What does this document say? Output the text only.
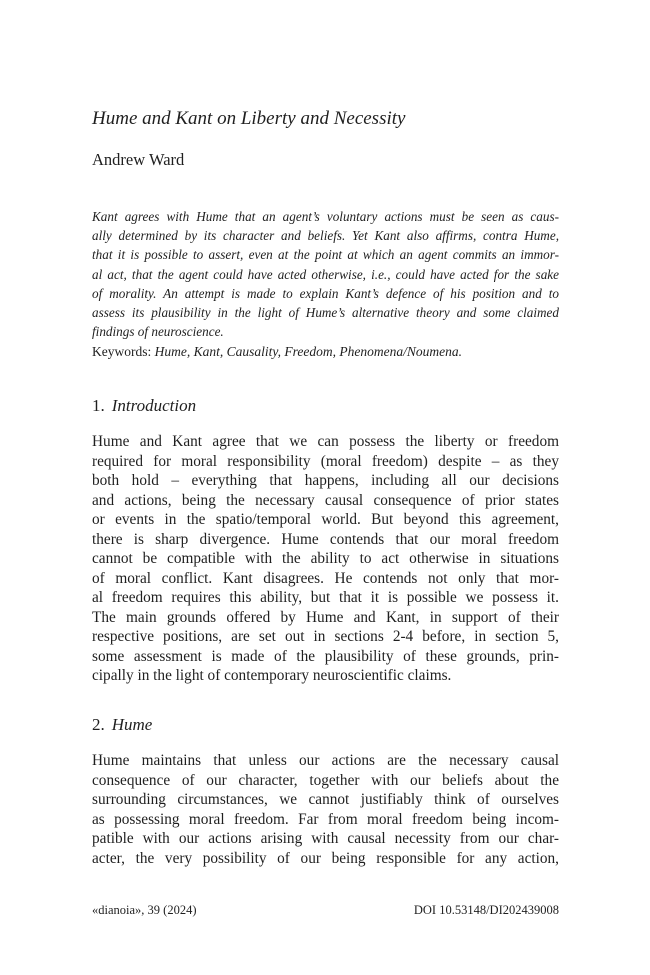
Hume and Kant on Liberty and Necessity
Andrew Ward
Kant agrees with Hume that an agent’s voluntary actions must be seen as caus-
ally determined by its character and beliefs. Yet Kant also affirms, contra Hume,
that it is possible to assert, even at the point at which an agent commits an immor-
al act, that the agent could have acted otherwise, i.e., could have acted for the sake
of morality. An attempt is made to explain Kant’s defence of his position and to
assess its plausibility in the light of Hume’s alternative theory and some claimed
findings of neuroscience.
Keywords: Hume, Kant, Causality, Freedom, Phenomena/Noumena.
1. Introduction
Hume and Kant agree that we can possess the liberty or freedom
required for moral responsibility (moral freedom) despite – as they
both hold – everything that happens, including all our decisions
and actions, being the necessary causal consequence of prior states
or events in the spatio/temporal world. But beyond this agreement,
there is sharp divergence. Hume contends that our moral freedom
cannot be compatible with the ability to act otherwise in situations
of moral conflict. Kant disagrees. He contends not only that mor-
al freedom requires this ability, but that it is possible we possess it.
The main grounds offered by Hume and Kant, in support of their
respective positions, are set out in sections 2-4 before, in section 5,
some assessment is made of the plausibility of these grounds, prin-
cipally in the light of contemporary neuroscientific claims.
2. Hume
Hume maintains that unless our actions are the necessary causal
consequence of our character, together with our beliefs about the
surrounding circumstances, we cannot justifiably think of ourselves
as possessing moral freedom. Far from moral freedom being incom-
patible with our actions arising with causal necessity from our char-
acter, the very possibility of our being responsible for any action,
«dianoia», 39 (2024)	DOI 10.53148/DI202439008
